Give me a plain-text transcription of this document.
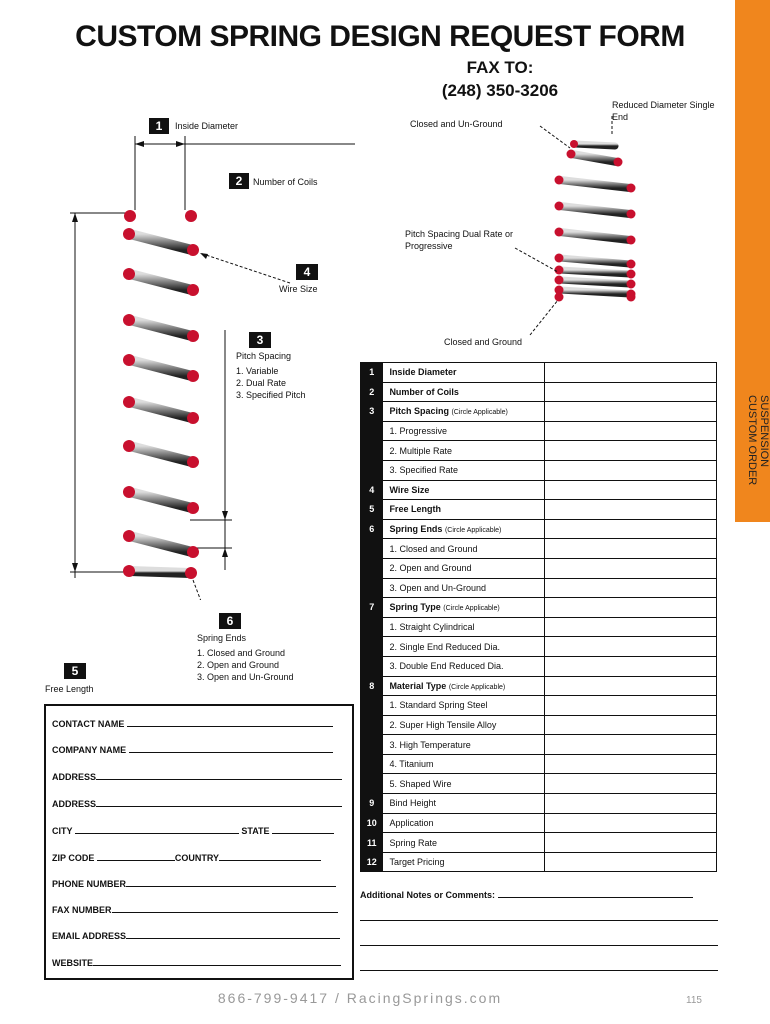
CUSTOM SPRING DESIGN REQUEST FORM
FAX TO:
(248) 350-3206
SUSPENSION
CUSTOM ORDER
1	Inside Diameter
2	Number of Coils
4
Wire Size
3
Pitch Spacing
1. Variable
2. Dual Rate
3. Specified Pitch
6
Spring Ends
1. Closed and Ground
2. Open and Ground
3. Open and Un-Ground
5
Free Length
Closed and Un-Ground
Reduced Diameter Single End
Pitch Spacing Dual Rate or Progressive
Closed and Ground
1	Inside Diameter	
2	Number of Coils	
3	Pitch Spacing (Circle Applicable)	
	1. Progressive	
	2. Multiple Rate	
	3. Specified Rate	
4	Wire Size	
5	Free Length	
6	Spring Ends (Circle Applicable)	
	1. Closed and Ground	
	2. Open and Ground	
	3. Open and Un-Ground	
7	Spring Type (Circle Applicable)	
	1. Straight Cylindrical	
	2. Single End Reduced Dia.	
	3. Double End Reduced Dia.	
8	Material Type (Circle Applicable)	
	1. Standard Spring Steel	
	2. Super High Tensile Alloy	
	3. High Temperature	
	4. Titanium	
	5. Shaped Wire	
9	Bind Height	
10	Application	
11	Spring Rate	
12	Target Pricing	
CONTACT NAME
COMPANY NAME
ADDRESS
ADDRESS
CITY	STATE
ZIP CODE	COUNTRY
PHONE NUMBER
FAX NUMBER
EMAIL ADDRESS
WEBSITE
Additional Notes or Comments:
866-799-9417 / RacingSprings.com	115
